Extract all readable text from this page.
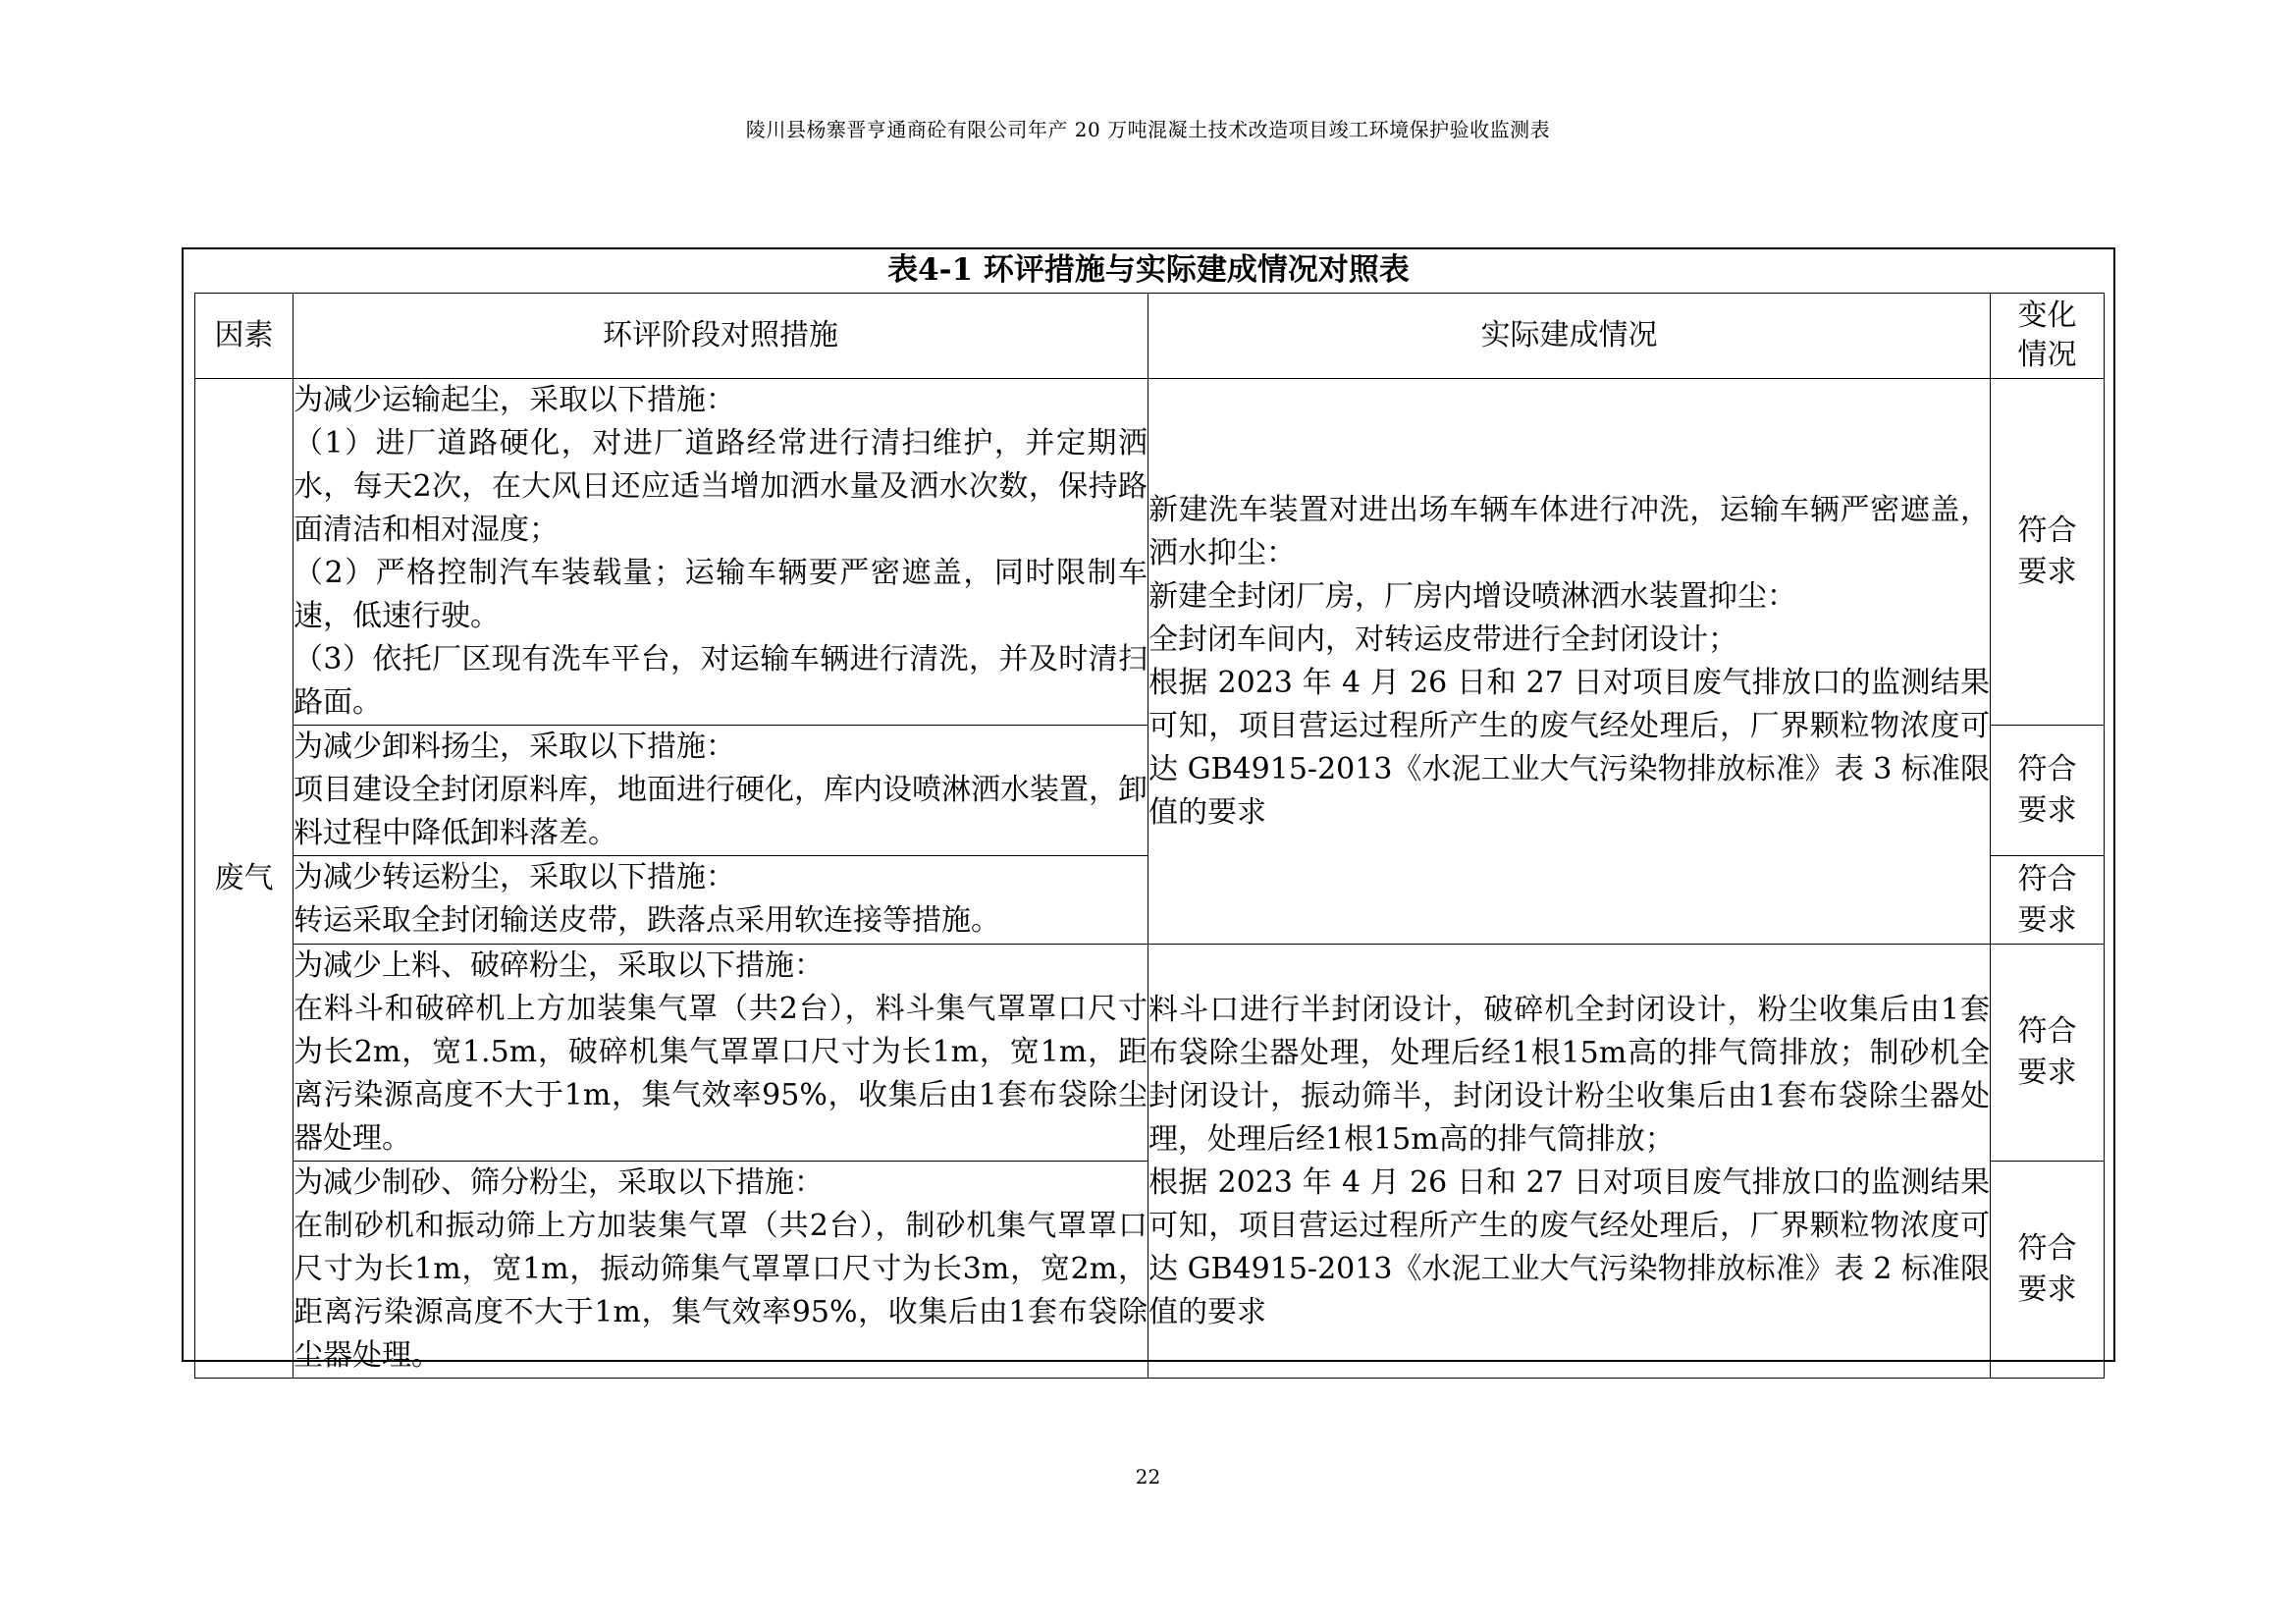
陵川县杨寨晋亨通商砼有限公司年产 20 万吨混凝土技术改造项目竣工环境保护验收监测表
表4-1 环评措施与实际建成情况对照表
因素	环评阶段对照措施	实际建成情况	变化情况
废气	为减少运输起尘，采取以下措施：
（1）进厂道路硬化，对进厂道路经常进行清扫维护，并定期洒水，每天2次，在大风日还应适当增加洒水量及洒水次数，保持路面清洁和相对湿度；
（2）严格控制汽车装载量；运输车辆要严密遮盖，同时限制车速，低速行驶。
（3）依托厂区现有洗车平台，对运输车辆进行清洗，并及时清扫路面。	新建洗车装置对进出场车辆车体进行冲洗，运输车辆严密遮盖，洒水抑尘：
新建全封闭厂房，厂房内增设喷淋洒水装置抑尘：
全封闭车间内，对转运皮带进行全封闭设计；
根据 2023 年 4 月 26 日和 27 日对项目废气排放口的监测结果可知，项目营运过程所产生的废气经处理后，厂界颗粒物浓度可达 GB4915-2013《水泥工业大气污染物排放标准》表 3 标准限值的要求	符合要求

	为减少卸料扬尘，采取以下措施：
项目建设全封闭原料库，地面进行硬化，库内设喷淋洒水装置，卸料过程中降低卸料落差。		符合要求

	为减少转运粉尘，采取以下措施：
转运采取全封闭输送皮带，跌落点采用软连接等措施。		符合要求

	为减少上料、破碎粉尘，采取以下措施：
在料斗和破碎机上方加装集气罩（共2台），料斗集气罩罩口尺寸为长2m，宽1.5m，破碎机集气罩罩口尺寸为长1m，宽1m，距离污染源高度不大于1m，集气效率95%，收集后由1套布袋除尘器处理。	料斗口进行半封闭设计，破碎机全封闭设计，粉尘收集后由1套布袋除尘器处理，处理后经1根15m高的排气筒排放；制砂机全封闭设计，振动筛半，封闭设计粉尘收集后由1套布袋除尘器处理，处理后经1根15m高的排气筒排放；
根据 2023 年 4 月 26 日和 27 日对项目废气排放口的监测结果可知，项目营运过程所产生的废气经处理后，厂界颗粒物浓度可达 GB4915-2013《水泥工业大气污染物排放标准》表 2 标准限值的要求	符合要求

	为减少制砂、筛分粉尘，采取以下措施：
在制砂机和振动筛上方加装集气罩（共2台），制砂机集气罩罩口尺寸为长1m，宽1m，振动筛集气罩罩口尺寸为长3m，宽2m，距离污染源高度不大于1m，集气效率95%，收集后由1套布袋除尘器处理。		符合要求
22
